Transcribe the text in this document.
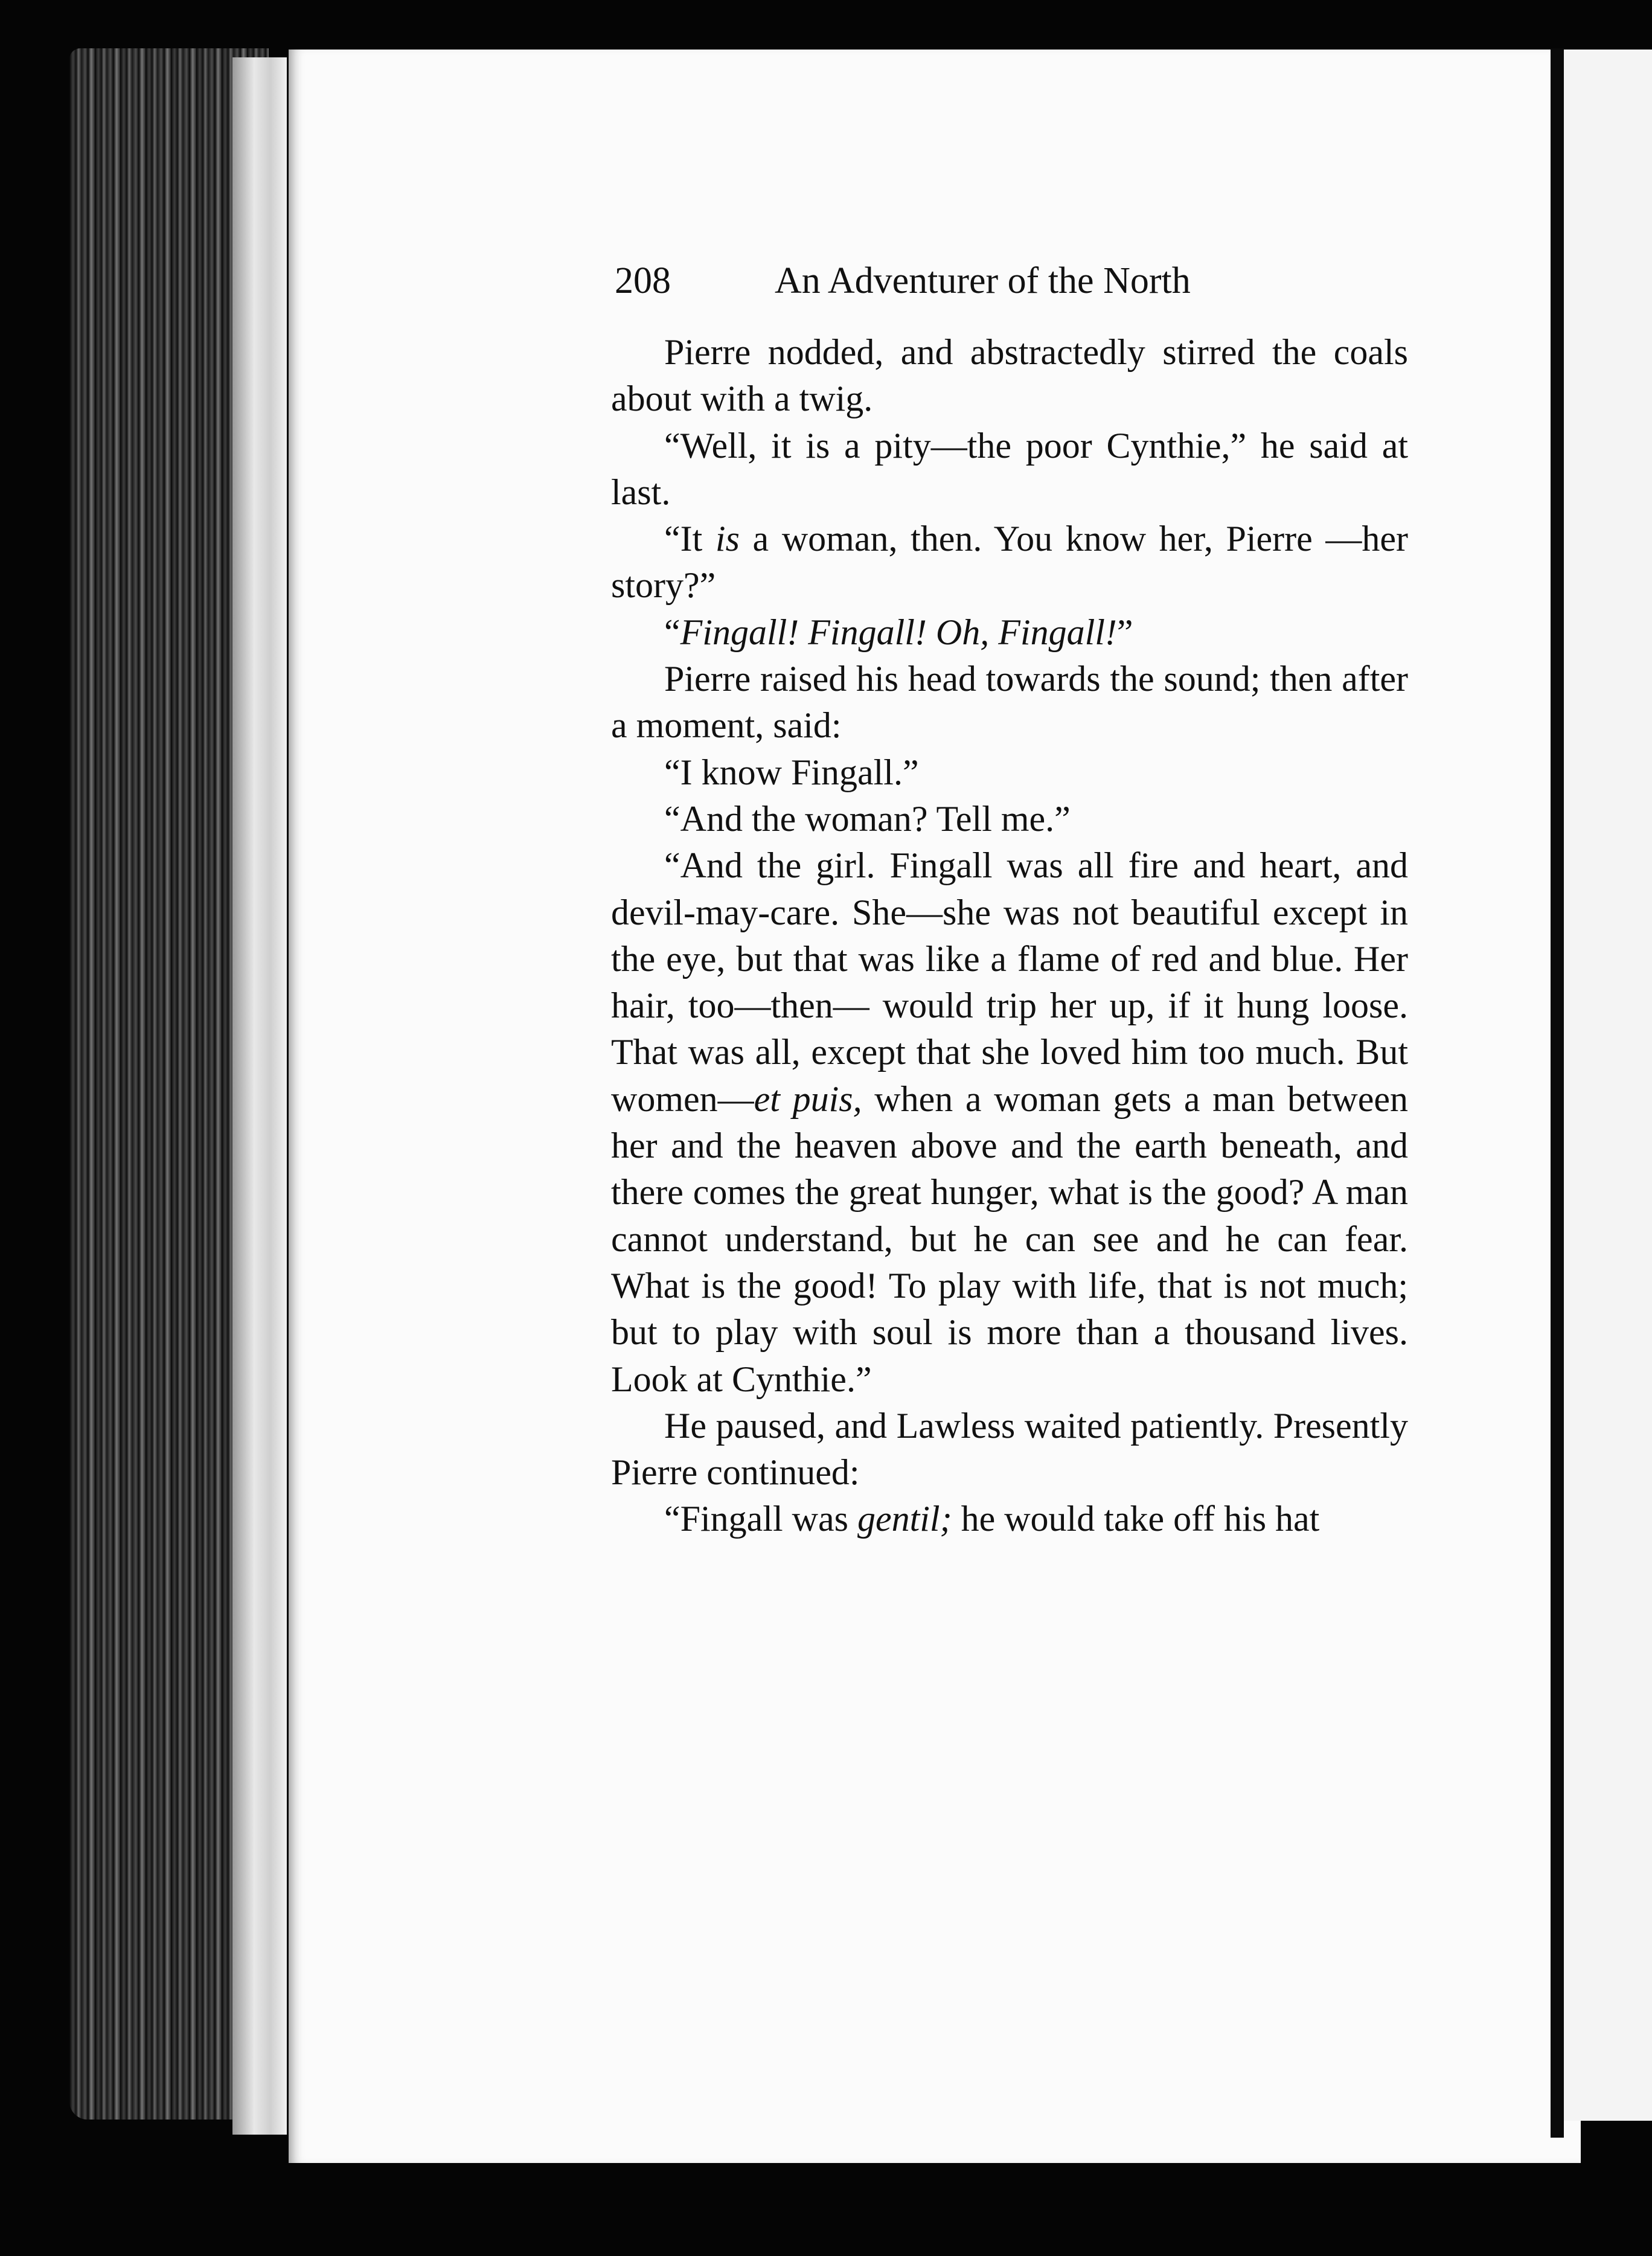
208	An Adventurer of the North

Pierre nodded, and abstractedly stirred the coals about with a twig.

“Well, it is a pity—the poor Cynthie,” he said at last.

“It is a woman, then. You know her, Pierre —her story?”

“Fingall! Fingall! Oh, Fingall!”

Pierre raised his head towards the sound; then after a moment, said:

“I know Fingall.”

“And the woman? Tell me.”

“And the girl. Fingall was all fire and heart, and devil-may-care. She—she was not beautiful except in the eye, but that was like a flame of red and blue. Her hair, too—then— would trip her up, if it hung loose. That was all, except that she loved him too much. But women—et puis, when a woman gets a man between her and the heaven above and the earth beneath, and there comes the great hunger, what is the good? A man cannot understand, but he can see and he can fear. What is the good! To play with life, that is not much; but to play with soul is more than a thousand lives. Look at Cynthie.”

He paused, and Lawless waited patiently. Presently Pierre continued:

“Fingall was gentil; he would take off his hat
